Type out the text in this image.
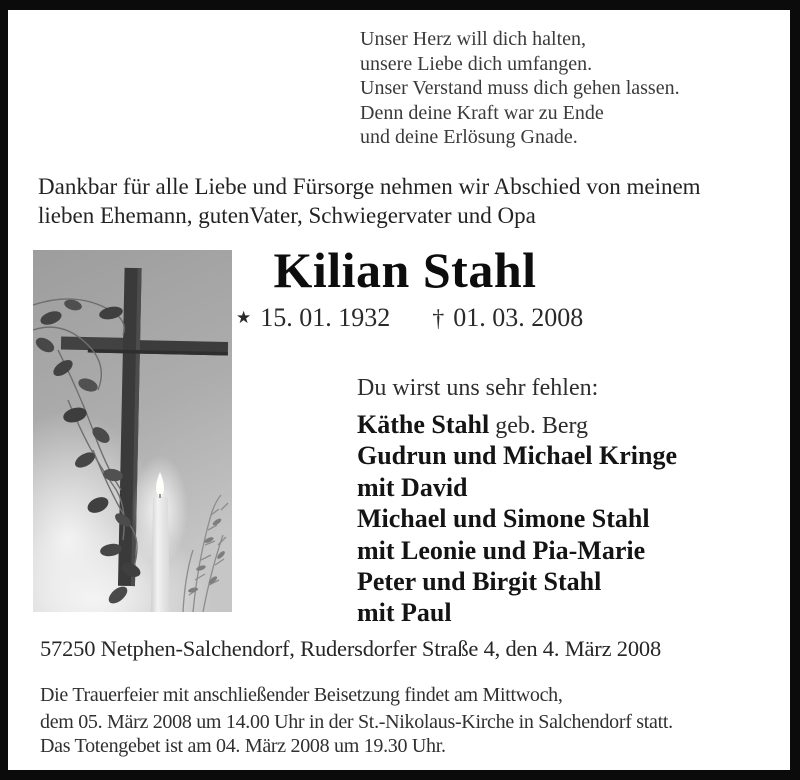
Unser Herz will dich halten,
unsere Liebe dich umfangen.
Unser Verstand muss dich gehen lassen.
Denn deine Kraft war zu Ende
und deine Erlösung Gnade.
Dankbar für alle Liebe und Fürsorge nehmen wir Abschied von meinem
lieben Ehemann, gutenVater, Schwiegervater und Opa
Kilian Stahl
★ 15. 01. 1932 † 01. 03. 2008
Du wirst uns sehr fehlen:
Käthe Stahl geb. Berg
Gudrun und Michael Kringe
mit David
Michael und Simone Stahl
mit Leonie und Pia-Marie
Peter und Birgit Stahl
mit Paul
57250 Netphen-Salchendorf, Rudersdorfer Straße 4, den 4. März 2008
Die Trauerfeier mit anschließender Beisetzung findet am Mittwoch,
dem 05. März 2008 um 14.00 Uhr in der St.-Nikolaus-Kirche in Salchendorf statt.
Das Totengebet ist am 04. März 2008 um 19.30 Uhr.
